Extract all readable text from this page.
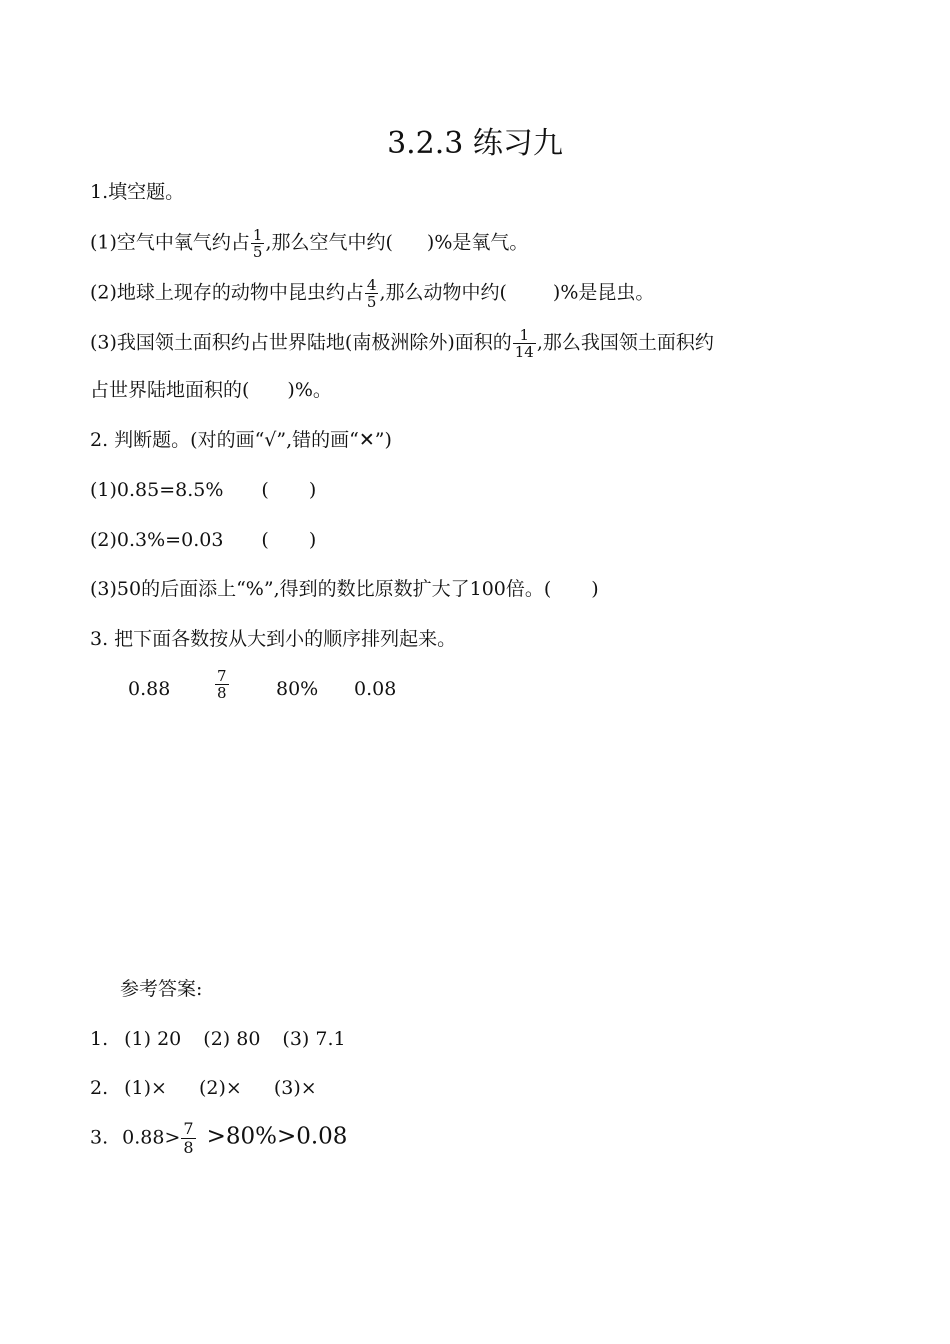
3.2.3 练习九
1.填空题。
(1)空气中氧气约占 $\frac{1}{5}$ ,那么空气中约( )%是氧气。
(2)地球上现存的动物中昆虫约占 $\frac{4}{5}$ ,那么动物中约( )%是昆虫。
(3)我国领土面积约占世界陆地(南极洲除外)面积的 $\frac{1}{14}$ ,那么我国领土面积约
占世界陆地面积的( )%。
2. 判断题。(对的画“√”,错的画“✕”)
(1)0.85=8.5% ( )
(2)0.3%=0.03 ( )
(3)50的后面添上“%”,得到的数比原数扩大了100倍。( )
3. 把下面各数按从大到小的顺序排列起来。
0.88	$\frac{7}{8} 80\%$ 0.08
参考答案:
1. (1) 20 (2) 80 (3) 7.1
2. (1)× (2)× (3)×
3. $0.88> \frac{7}{8} >80\%>0.08$
